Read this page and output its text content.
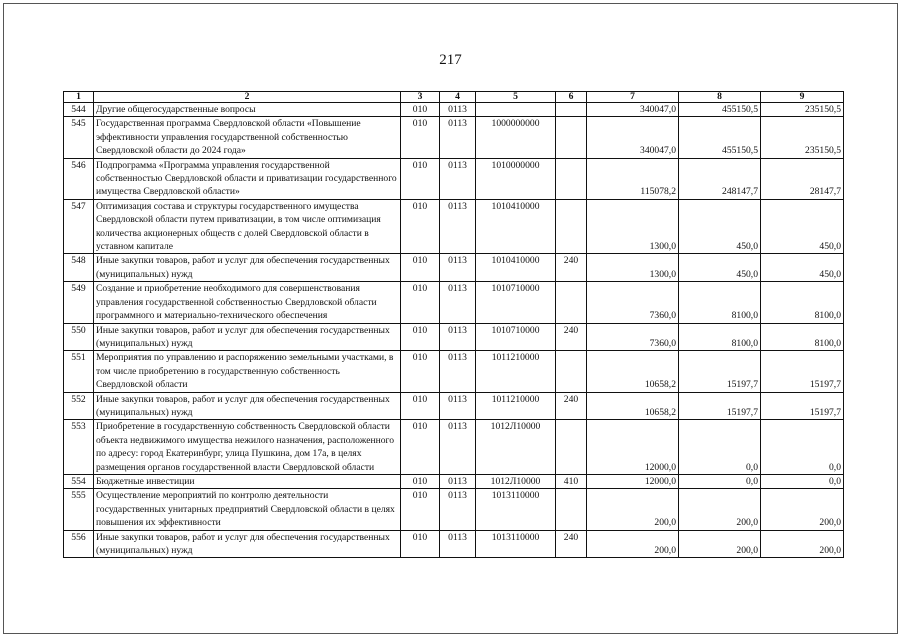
217
1	2	3	4	5	6	7	8	9
544	Другие общегосударственные вопросы	010	0113			340047,0	455150,5	235150,5
545	Государственная программа Свердловской области «Повышение эффективности управления государственной собственностью Свердловской области до 2024 года»	010	0113	1000000000		340047,0	455150,5	235150,5
546	Подпрограмма «Программа управления государственной собственностью Свердловской области и приватизации государственного имущества Свердловской области»	010	0113	1010000000		115078,2	248147,7	28147,7
547	Оптимизация состава и структуры государственного имущества Свердловской области путем приватизации, в том числе оптимизация количества акционерных обществ с долей Свердловской области в уставном капитале	010	0113	1010410000		1300,0	450,0	450,0
548	Иные закупки товаров, работ и услуг для обеспечения государственных (муниципальных) нужд	010	0113	1010410000	240	1300,0	450,0	450,0
549	Создание и приобретение необходимого для совершенствования управления государственной собственностью Свердловской области программного и материально-технического обеспечения	010	0113	1010710000		7360,0	8100,0	8100,0
550	Иные закупки товаров, работ и услуг для обеспечения государственных (муниципальных) нужд	010	0113	1010710000	240	7360,0	8100,0	8100,0
551	Мероприятия по управлению и распоряжению земельными участками, в том числе приобретению в государственную собственность Свердловской области	010	0113	1011210000		10658,2	15197,7	15197,7
552	Иные закупки товаров, работ и услуг для обеспечения государственных (муниципальных) нужд	010	0113	1011210000	240	10658,2	15197,7	15197,7
553	Приобретение в государственную собственность Свердловской области объекта недвижимого имущества нежилого назначения, расположенного по адресу: город Екатеринбург, улица Пушкина, дом 17а, в целях размещения органов государственной власти Свердловской области	010	0113	1012Л10000		12000,0	0,0	0,0
554	Бюджетные инвестиции	010	0113	1012Л10000	410	12000,0	0,0	0,0
555	Осуществление мероприятий по контролю деятельности государственных унитарных предприятий Свердловской области в целях повышения их эффективности	010	0113	1013110000		200,0	200,0	200,0
556	Иные закупки товаров, работ и услуг для обеспечения государственных (муниципальных) нужд	010	0113	1013110000	240	200,0	200,0	200,0
